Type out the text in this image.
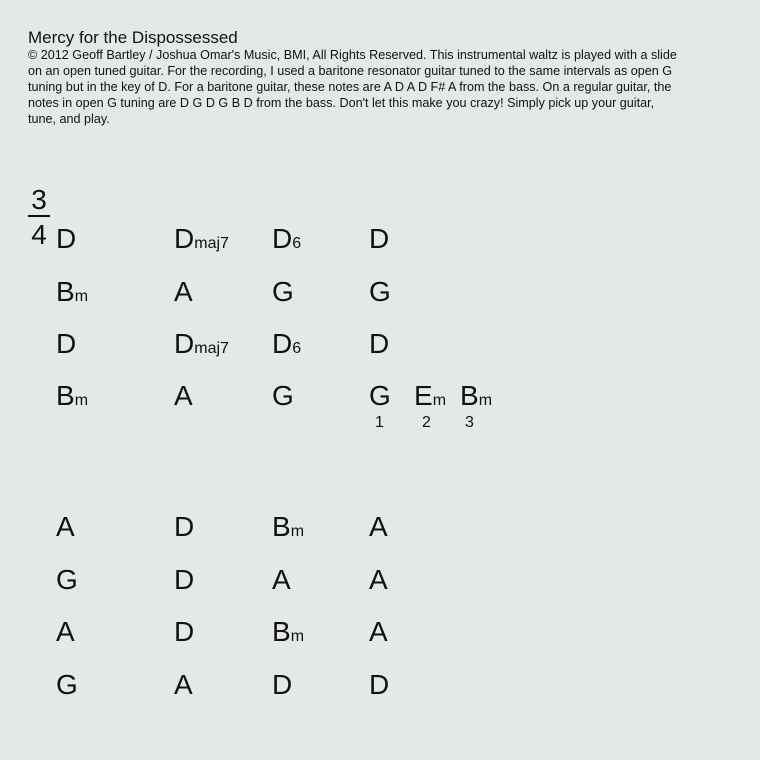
Mercy for the Dispossessed
© 2012 Geoff Bartley / Joshua Omar's Music, BMI, All Rights Reserved. This instrumental waltz is played with a slide
on an open tuned guitar. For the recording, I used a baritone resonator guitar tuned to the same intervals as open G
tuning but in the key of D. For a baritone guitar, these notes are A D A D F# A from the bass. On a regular guitar, the
notes in open G tuning are D G D G B D from the bass. Don't let this make you crazy! Simply pick up your guitar,
tune, and play.
$\frac{3}{4}$ D	Dmaj7 D6 D
Bm	A	G	G
D	Dmaj7 D6 D
Bm	A	G	G Em Bm
1 2 3
A	D	Bm A
G	D	A	A
A	D	Bm A
G	A	D	D
